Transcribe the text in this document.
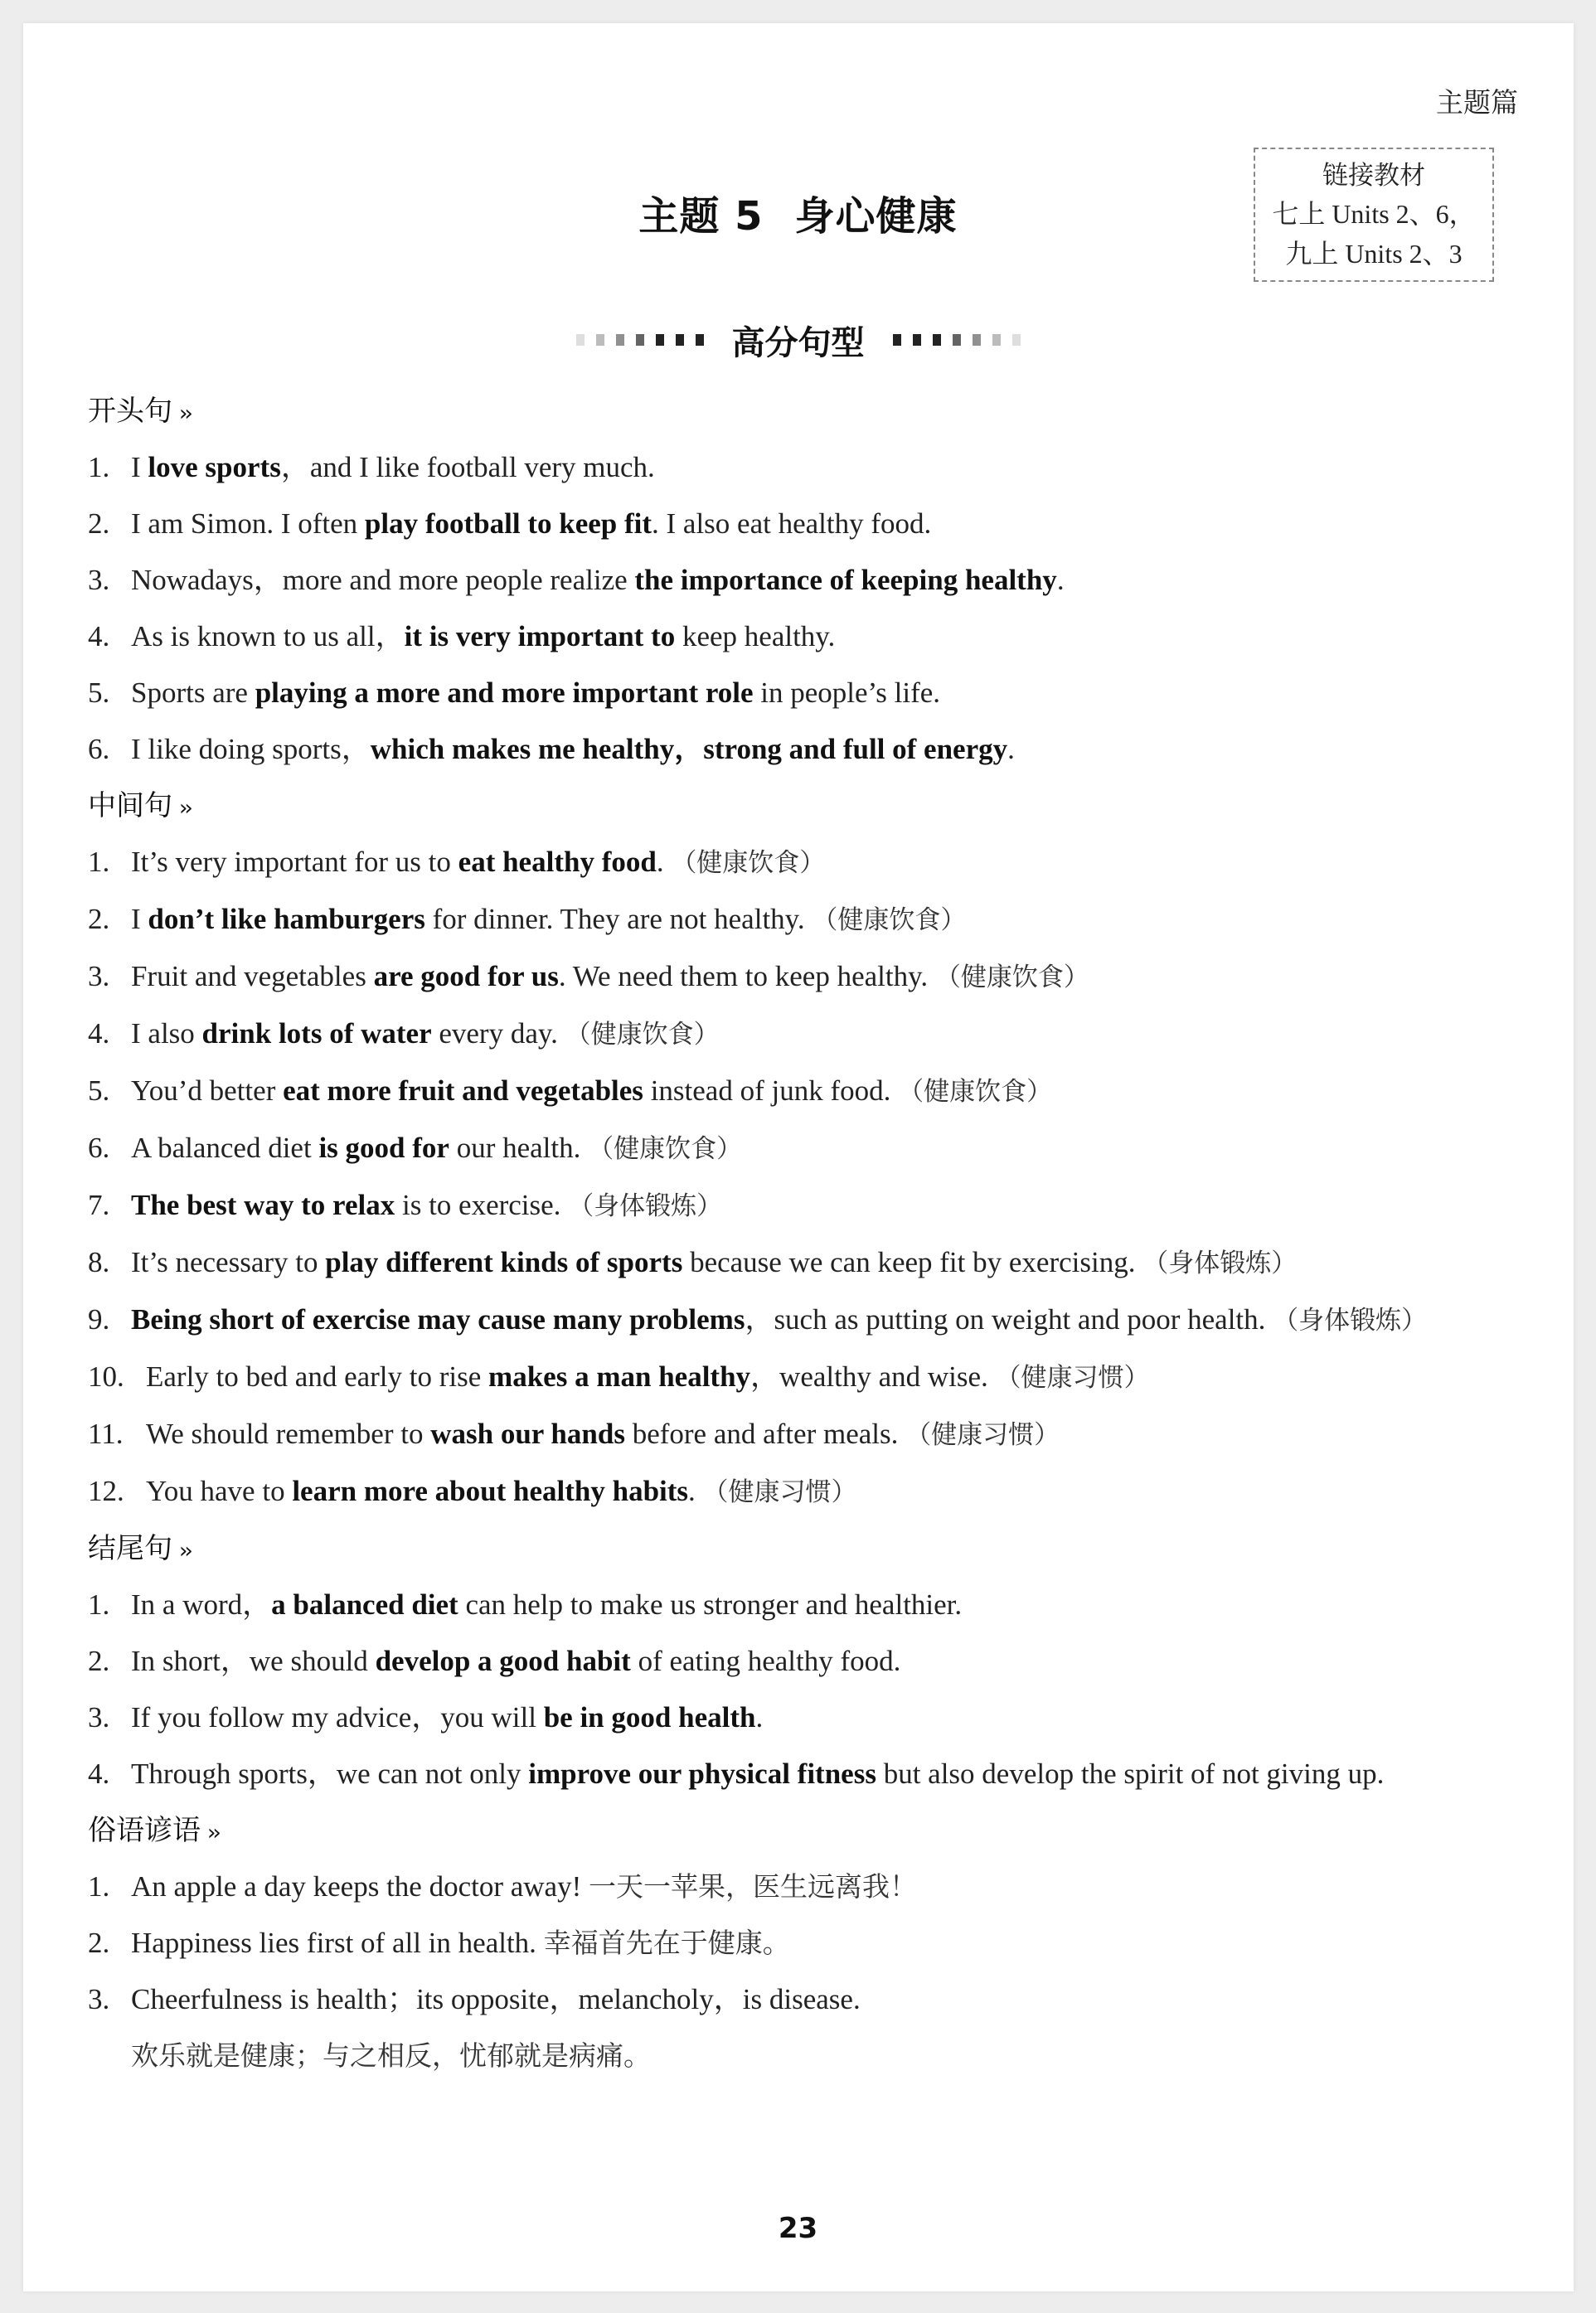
主题篇
链接教材
七上 Units 2、6，
九上 Units 2、3
主题 5 身心健康
高分句型
开头句 ››
1. I love sports，and I like football very much.
2. I am Simon. I often play football to keep fit. I also eat healthy food.
3. Nowadays，more and more people realize the importance of keeping healthy.
4. As is known to us all，it is very important to keep healthy.
5. Sports are playing a more and more important role in people’s life.
6. I like doing sports，which makes me healthy，strong and full of energy.
中间句 ››
1. It’s very important for us to eat healthy food. （健康饮食）
2. I don’t like hamburgers for dinner. They are not healthy. （健康饮食）
3. Fruit and vegetables are good for us. We need them to keep healthy. （健康饮食）
4. I also drink lots of water every day. （健康饮食）
5. You’d better eat more fruit and vegetables instead of junk food. （健康饮食）
6. A balanced diet is good for our health. （健康饮食）
7. The best way to relax is to exercise. （身体锻炼）
8. It’s necessary to play different kinds of sports because we can keep fit by exercising. （身体锻炼）
9. Being short of exercise may cause many problems，such as putting on weight and poor health. （身体锻炼）
10. Early to bed and early to rise makes a man healthy，wealthy and wise. （健康习惯）
11. We should remember to wash our hands before and after meals. （健康习惯）
12. You have to learn more about healthy habits. （健康习惯）
结尾句 ››
1. In a word，a balanced diet can help to make us stronger and healthier.
2. In short，we should develop a good habit of eating healthy food.
3. If you follow my advice，you will be in good health.
4. Through sports，we can not only improve our physical fitness but also develop the spirit of not giving up.
俗语谚语 ››
1. An apple a day keeps the doctor away! 一天一苹果，医生远离我！
2. Happiness lies first of all in health. 幸福首先在于健康。
3. Cheerfulness is health；its opposite，melancholy，is disease.
欢乐就是健康；与之相反，忧郁就是病痛。
23
